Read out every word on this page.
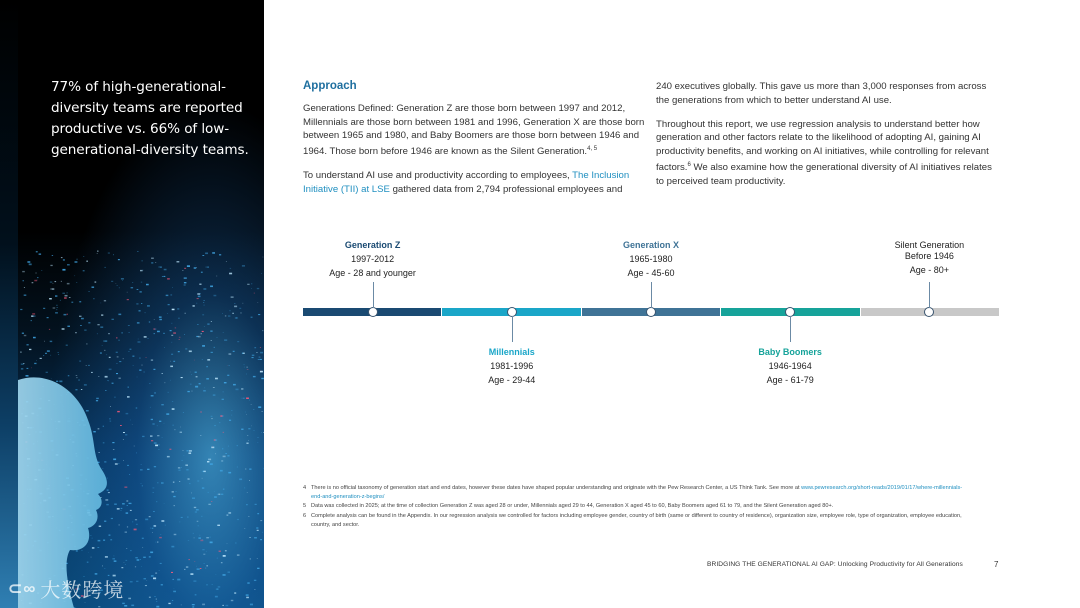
77% of high-generational-diversity teams are reported productive vs. 66% of low-generational-diversity teams.
⊂∞ 大数跨境
Approach

Generations Defined: Generation Z are those born between 1997 and 2012, Millennials are those born between 1981 and 1996, Generation X are those born between 1965 and 1980, and Baby Boomers are those born between 1946 and 1964. Those born before 1946 are known as the Silent Generation.$^{4, 5}$

To understand AI use and productivity according to employees, The Inclusion Initiative (TII) at LSE gathered data from 2,794 professional employees and

240 executives globally. This gave us more than 3,000 responses from across the generations from which to better understand AI use.

Throughout this report, we use regression analysis to understand better how generation and other factors relate to the likelihood of adopting AI, gaining AI productivity benefits, and working on AI initiatives, while controlling for relevant factors.$^6$ We also examine how the generational diversity of AI initiatives relates to perceived team productivity.

Generation Z
1997-2012
Age - 28 and younger
Millennials
1981-1996
Age - 29-44
Generation X
1965-1980
Age - 45-60
Baby Boomers
1946-1964
Age - 61-79
Silent Generation
Before 1946
Age - 80+
4 There is no official taxonomy of generation start and end dates, however these dates have shaped popular understanding and originate with the Pew Research Center, a US Think Tank. See more at www.pewresearch.org/short-reads/2019/01/17/where-millennials-end-and-generation-z-begins/
5 Data was collected in 2025; at the time of collection Generation Z was aged 28 or under, Millennials aged 29 to 44, Generation X aged 45 to 60, Baby Boomers aged 61 to 79, and the Silent Generation aged 80+.
6 Complete analysis can be found in the Appendix. In our regression analysis we controlled for factors including employee gender, country of birth (same or different to country of residence), organization size, employee role, type of organization, employee education, country, and sector.
BRIDGING THE GENERATIONAL AI GAP: Unlocking Productivity for All Generations	7
